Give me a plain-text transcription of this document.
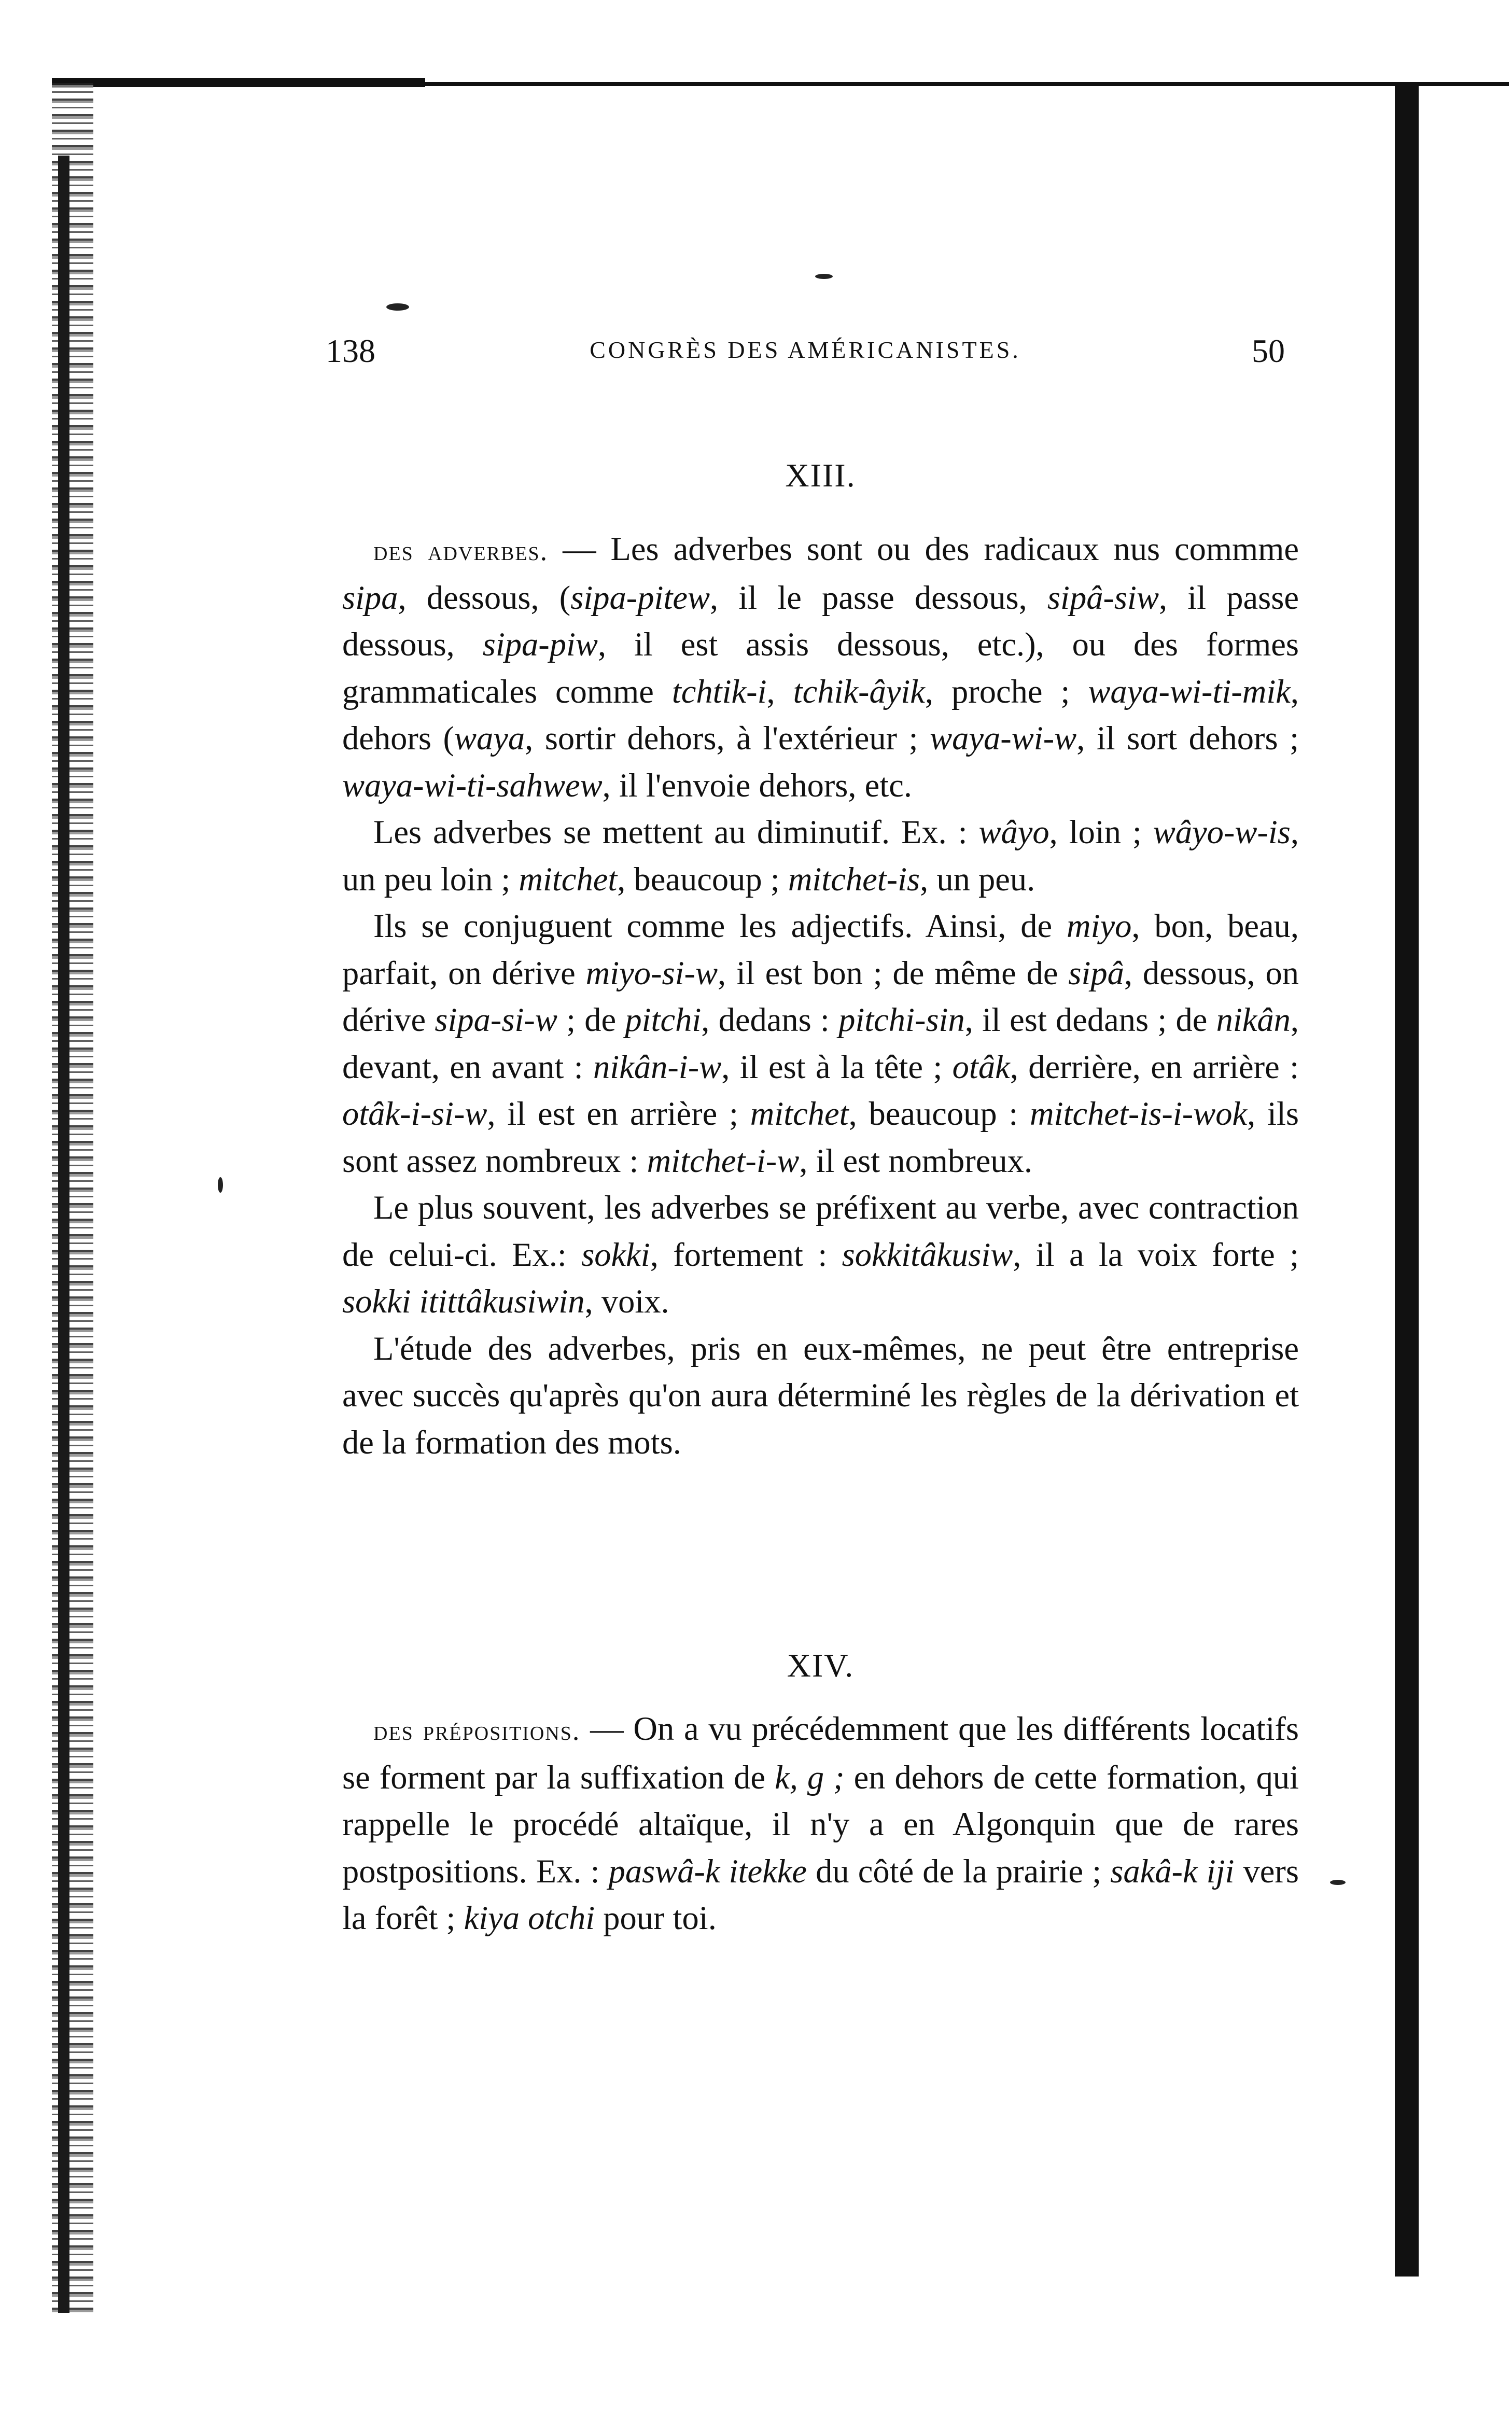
138	CONGRÈS DES AMÉRICANISTES.	50
XIII.

des adverbes. — Les adverbes sont ou des radicaux nus commme sipa, dessous, (sipa-pitew, il le passe dessous, sipâ-siw, il passe dessous, sipa-piw, il est assis dessous, etc.), ou des formes grammaticales comme tchtik-i, tchik-âyik, proche ; waya-wi-ti-mik, dehors (waya, sortir dehors, à l'extérieur ; waya-wi-w, il sort dehors ; waya-wi-ti-sahwew, il l'envoie dehors, etc.

Les adverbes se mettent au diminutif. Ex. : wâyo, loin ; wâyo-w-is, un peu loin ; mitchet, beaucoup ; mitchet-is, un peu.

Ils se conjuguent comme les adjectifs. Ainsi, de miyo, bon, beau, parfait, on dérive miyo-si-w, il est bon ; de même de sipâ, dessous, on dérive sipa-si-w ; de pitchi, dedans : pitchi-sin, il est dedans ; de nikân, devant, en avant : nikân-i-w, il est à la tête ; otâk, derrière, en arrière : otâk-i-si-w, il est en arrière ; mitchet, beaucoup : mitchet-is-i-wok, ils sont assez nombreux : mitchet-i-w, il est nombreux.

Le plus souvent, les adverbes se préfixent au verbe, avec contraction de celui-ci. Ex.: sokki, fortement : sokkitâkusiw, il a la voix forte ; sokki itittâkusiwin, voix.

L'étude des adverbes, pris en eux-mêmes, ne peut être entreprise avec succès qu'après qu'on aura déterminé les règles de la dérivation et de la formation des mots.

XIV.

des prépositions. — On a vu précédemment que les différents locatifs se forment par la suffixation de k, g ; en dehors de cette formation, qui rappelle le procédé altaïque, il n'y a en Algonquin que de rares postpositions. Ex. : paswâ-k itekke du côté de la prairie ; sakâ-k iji vers la forêt ; kiya otchi pour toi.
